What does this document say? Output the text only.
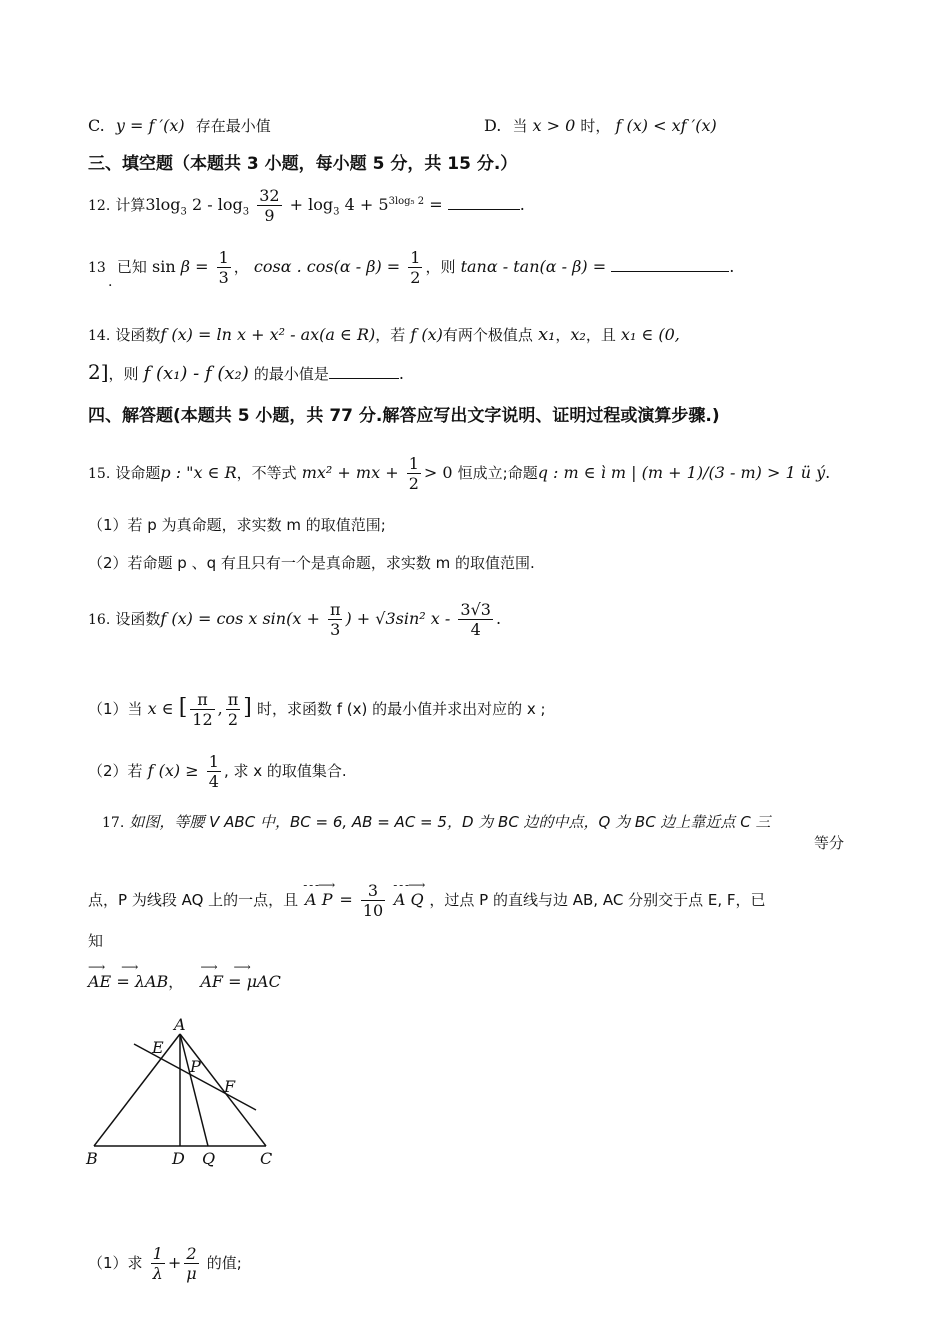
C. y = f ′(x) 存在最小值	D. 当 x > 0 时， f (x) < xf ′(x)
三、填空题（本题共 3 小题，每小题 5 分，共 15 分.）
12. 计算$3\log_3$ $2 - \log_3 \frac{32}{9} + \log_3 4 + 5^{3log_5 2}$ =	.
13 已知 $\sin \beta = \frac{1}{3}$ ， cosα . $\cos(\alpha - \beta) = \frac{1}{2}$ ，则 tanα - tan(α - β) =	.
.
14. 设函数f (x) = ln x + x² - ax(a ∈ R)，若 f (x)有两个极值点 x₁，x₂，且 x₁ ∈ (0,
2]，则 f (x₁) - f (x₂) 的最小值是	.
四、解答题(本题共 5 小题，共 77 分.解答应写出文字说明、证明过程或演算步骤.)
15. 设命题p : "x ∈ R，不等式 mx² + mx + $\frac{1}{2} > 0$ 恒成立;命题q : m ∈ ì m | (m + 1)/(3 - m) > 1 ü ý.
（1）若 p 为真命题，求实数 m 的取值范围;
（2）若命题 p 、q 有且只有一个是真命题，求实数 m 的取值范围.
16. 设函数f (x) = cos x $\sin(x + \frac{\pi}{3}$ ) + √3sin² x - $\frac{3√3}{4}$ .
（1）当 x ∈ [ $\frac{\pi}{12}$ , $\frac{\pi}{2}$ ] 时，求函数 f (x) 的最小值并求出对应的 x ;
（2）若 f $(x) \ge \frac{1}{4}$ , 求 x 的取值集合.
17. 如图，等腰 V ABC 中，BC = 6, AB = AC = 5，D 为 BC 边的中点，Q 为 BC 边上靠近点 C 三
等分
点，P 为线段 AQ 上的一点，且
- - -⟶
A $P = \frac{3}{10}$
- - -⟶
A Q ，过点 P 的直线与边 AB, AC 分别交于点 E, F，已
知
⟶      ⟶
AE = λAB，
⟶      ⟶
AF = μAC
A
B	C
D Q
E
P
F
（1）求 $\frac{1}{\lambda} + \frac{2}{\mu}$ 的值;
